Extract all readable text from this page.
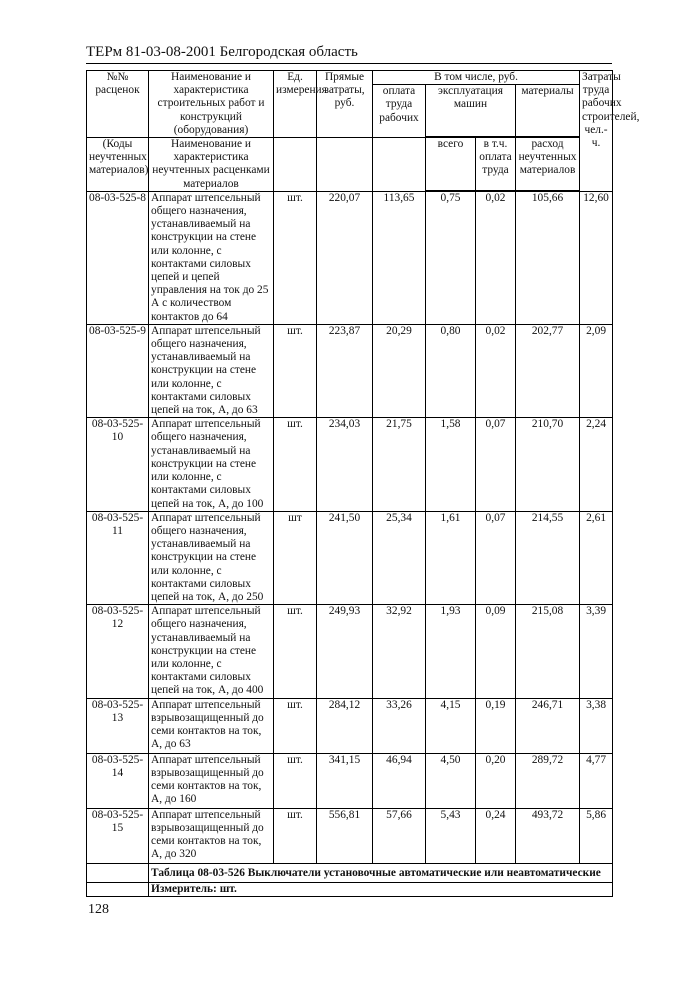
ТЕРм 81-03-08-2001 Белгородская область
№№ расценок	Наименование и характеристика строительных работ и конструкций (оборудования)	Ед. измерения	Прямые затраты, руб.	В том числе, руб.				Затраты труда рабочих строителей, чел.-ч.
				оплата труда рабочих	эксплуатация машин		материалы	

(Коды неучтенных материалов)	Наименование и характеристика неучтенных расценками материалов				всего	в т.ч. оплата труда	расход неучтенных материалов	

08-03-525-8	Аппарат штепсельный общего назначения, устанавливаемый на конструкции на стене или колонне, с контактами силовых цепей и цепей управления на ток до 25 А с количеством контактов до 64	шт.	220,07	113,65	0,75	0,02	105,66	12,60
08-03-525-9	Аппарат штепсельный общего назначения, устанавливаемый на конструкции на стене или колонне, с контактами силовых цепей на ток, А, до 63	шт.	223,87	20,29	0,80	0,02	202,77	2,09
08-03-525-10	Аппарат штепсельный общего назначения, устанавливаемый на конструкции на стене или колонне, с контактами силовых цепей на ток, А, до 100	шт.	234,03	21,75	1,58	0,07	210,70	2,24
08-03-525-11	Аппарат штепсельный общего назначения, устанавливаемый на конструкции на стене или колонне, с контактами силовых цепей на ток, А, до 250	шт	241,50	25,34	1,61	0,07	214,55	2,61
08-03-525-12	Аппарат штепсельный общего назначения, устанавливаемый на конструкции на стене или колонне, с контактами силовых цепей на ток, А, до 400	шт.	249,93	32,92	1,93	0,09	215,08	3,39
08-03-525-13	Аппарат штепсельный взрывозащищенный до семи контактов на ток, А, до 63	шт.	284,12	33,26	4,15	0,19	246,71	3,38
08-03-525-14	Аппарат штепсельный взрывозащищенный до семи контактов на ток, А, до 160	шт.	341,15	46,94	4,50	0,20	289,72	4,77
08-03-525-15	Аппарат штепсельный взрывозащищенный до семи контактов на ток, А, до 320	шт.	556,81	57,66	5,43	0,24	493,72	5,86
	Таблица 08-03-526 Выключатели установочные автоматические или неавтоматические							
	Измеритель: шт.							
128
